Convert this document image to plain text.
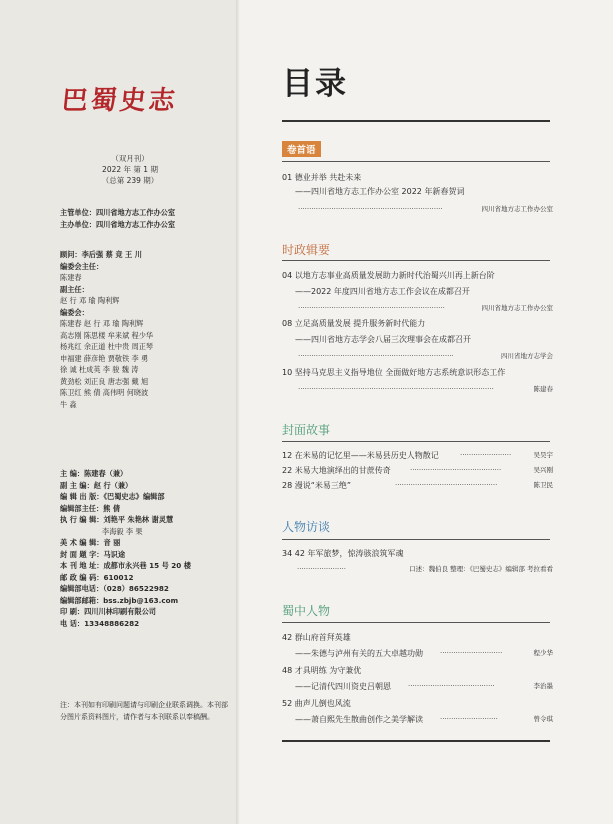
巴蜀史志
（双月刊）
2022 年 第 1 期
（总第 239 期）
主管单位：四川省地方志工作办公室
主办单位：四川省地方志工作办公室
顾问：李后强 蔡 竞 王 川
编委会主任：
陈建春
副主任：
赵 行 邓 瑜 陶利辉
编委会：
陈建春 赵 行 邓 瑜 陶利辉
高志刚 陈思楼 牟来斌 程少华
杨兆红 余正道 杜中贵 周正琴
申福建 薛彦艳 贾敬铁 李 勇
徐 诚 杜成英 李 骏 魏 涛
黄劲松 刘正良 唐志强 戴 旭
陈卫红 熊 倩 高伟明 何晓波
牛 淼
主 编：陈建春（兼）
副 主 编：赵 行（兼）
编 辑 出 版：《巴蜀史志》编辑部
编辑部主任：熊 倩
执 行 编 辑：刘艳平 朱艳林 谢灵慧
李海毅 李 果
美 术 编 辑：音 丽
封 面 题 字：马识途
本 刊 地 址：成都市永兴巷 15 号 20 楼
邮 政 编 码：610012
编辑部电话：（028）86522982
编辑部邮箱：bss.zbjb@163.com
印 刷：四川川林印刷有限公司
电 话：13348886282
注：本刊如有印刷问题请与印刷企业联系调换。本刊部分图片系资料图片，请作者与本刊联系以奉稿酬。
目录
卷首语
01 德业并举 共赴未来
——四川省地方志工作办公室 2022 年新春贺词
·································································	四川省地方志工作办公室
时政辑要
04 以地方志事业高质量发展助力新时代治蜀兴川再上新台阶
——2022 年度四川省地方志工作会议在成都召开
··································································	四川省地方志工作办公室
08 立足高质量发展 提升服务新时代能力
——四川省地方志学会八届三次理事会在成都召开
······································································	四川省地方志学会
10 坚持马克思主义指导地位 全面做好地方志系统意识形态工作
························································································	陈建春
封面故事
12 在米易的记忆里——米易县历史人物散记	·······················	吴昊宇
22 米易大地演绎出的甘蔗传奇	·········································	吴兴刚
28 漫说“米易三绝”	··············································	陈卫民
人物访谈
34 42 年军旅梦，惊涛骇浪筑军魂
······················	口述：魏伯良 整理：《巴蜀史志》编辑部 考拉看看
蜀中人物
42 群山府首拜英雄
——朱德与泸州有关的五大卓越功勋 ····························	程少华
48 才具明练 为守兼优
——记清代四川资史吕朝恩 ·······································	李治墨
52 曲声儿倒也风流
——萧自熙先生散曲创作之美学解读 ··························	曾令琪
